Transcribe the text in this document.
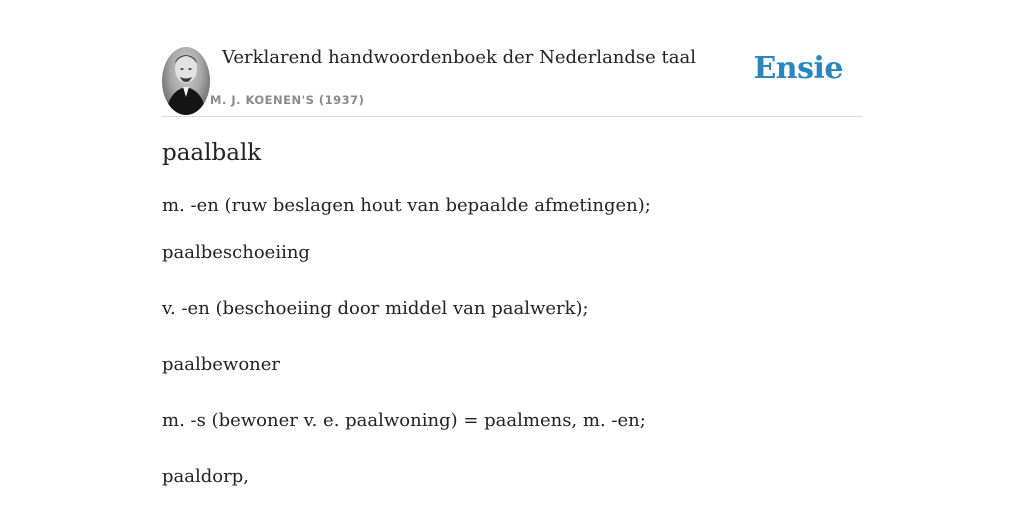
Verklarend handwoordenboek der Nederlandse taal
M. J. KOENEN'S (1937)
Ensie
paalbalk

m. -en (ruw beslagen hout van bepaalde afmetingen);

paalbeschoeiing

v. -en (beschoeiing door middel van paalwerk);

paalbewoner

m. -s (bewoner v. e. paalwoning) = paalmens, m. -en;

paaldorp,
